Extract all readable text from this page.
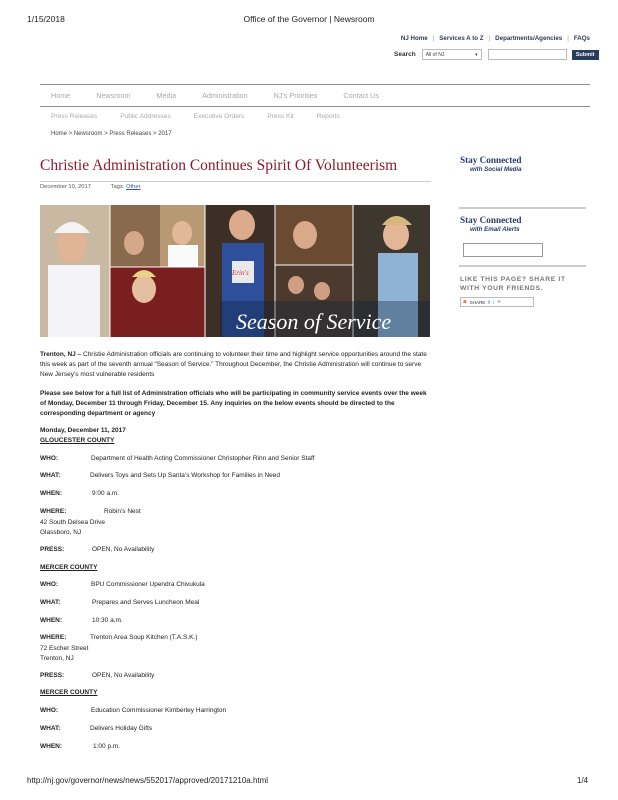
1/15/2018	Office of the Governor | Newsroom
NJ Home | Services A to Z | Departments/Agencies | FAQs
Search All of NJ	▾	Submit
Home	Newsroom	Media	Administration	NJ's Priorities	Contact Us
Press Releases	Public Addresses	Executive Orders	Press Kit	Reports
Home > Newsroom > Press Releases > 2017
Christie Administration Continues Spirit Of Volunteerism
December 10, 2017	Tags: Other
Season of Service
Erin's
Stay Connected
with Social Media
Stay Connected
with Email Alerts
LIKE THIS PAGE? SHARE IT WITH YOUR FRIENDS.
⊕ SHARE f t ✉
Trenton, NJ – Christie Administration officials are continuing to volunteer their time and highlight service opportunities around the state this week as part of the seventh annual “Season of Service.” Throughout December, the Christie Administration will continue to serve New Jersey’s most vulnerable residents
Please see below for a full list of Administration officials who will be participating in community service events over the week of Monday, December 11 through Friday, December 15. Any inquiries on the below events should be directed to the corresponding department or agency
Monday, December 11, 2017
GLOUCESTER COUNTY
WHO:	Department of Health Acting Commissioner Christopher Rinn and Senior Staff
WHAT:	Delivers Toys and Sets Up Santa’s Workshop for Families in Need
WHEN:	9:00 a.m.
WHERE:	Robin’s Nest
42 South Delsea Drive
Glassboro, NJ
PRESS:	OPEN, No Availability
MERCER COUNTY
WHO:	BPU Commissioner Upendra Chivukula
WHAT:	Prepares and Serves Luncheon Meal
WHEN:	10:30 a.m.
WHERE:	Trenton Area Soup Kitchen (T.A.S.K.)
72 Escher Street
Trenton, NJ
PRESS:	OPEN, No Availability
MERCER COUNTY
WHO:	Education Commissioner Kimberley Harrington
WHAT:	Delivers Holiday Gifts
WHEN:	1:00 p.m.
http://nj.gov/governor/news/news/552017/approved/20171210a.html	1/4
